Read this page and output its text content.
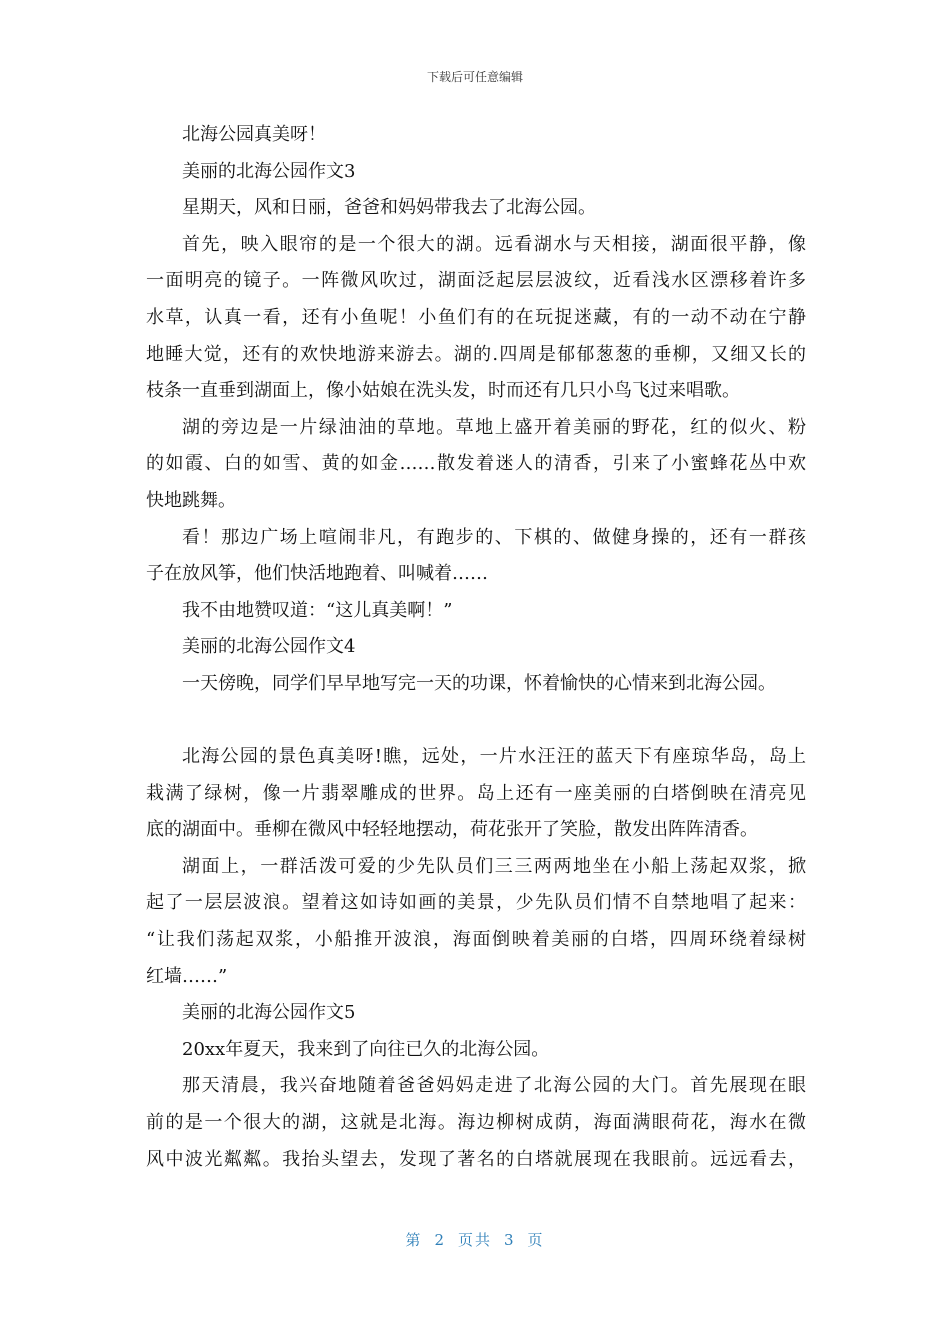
下载后可任意编辑
北海公园真美呀！
美丽的北海公园作文3
星期天，风和日丽，爸爸和妈妈带我去了北海公园。
首先，映入眼帘的是一个很大的湖。远看湖水与天相接，湖面很平静，像
一面明亮的镜子。一阵微风吹过，湖面泛起层层波纹，近看浅水区漂移着许多
水草，认真一看，还有小鱼呢！小鱼们有的在玩捉迷藏，有的一动不动在宁静
地睡大觉，还有的欢快地游来游去。湖的.四周是郁郁葱葱的垂柳，又细又长的
枝条一直垂到湖面上，像小姑娘在洗头发，时而还有几只小鸟飞过来唱歌。
湖的旁边是一片绿油油的草地。草地上盛开着美丽的野花，红的似火、粉
的如霞、白的如雪、黄的如金……散发着迷人的清香，引来了小蜜蜂花丛中欢
快地跳舞。
看！那边广场上喧闹非凡，有跑步的、下棋的、做健身操的，还有一群孩
子在放风筝，他们快活地跑着、叫喊着……
我不由地赞叹道：“这儿真美啊！”
美丽的北海公园作文4
一天傍晚，同学们早早地写完一天的功课，怀着愉快的心情来到北海公园。
北海公园的景色真美呀!瞧，远处，一片水汪汪的蓝天下有座琼华岛，岛上
栽满了绿树，像一片翡翠雕成的世界。岛上还有一座美丽的白塔倒映在清亮见
底的湖面中。垂柳在微风中轻轻地摆动，荷花张开了笑脸，散发出阵阵清香。
湖面上，一群活泼可爱的少先队员们三三两两地坐在小船上荡起双浆，掀
起了一层层波浪。望着这如诗如画的美景，少先队员们情不自禁地唱了起来：
“让我们荡起双浆，小船推开波浪，海面倒映着美丽的白塔，四周环绕着绿树
红墙……”
美丽的北海公园作文5
20xx年夏天，我来到了向往已久的北海公园。
那天清晨，我兴奋地随着爸爸妈妈走进了北海公园的大门。首先展现在眼
前的是一个很大的湖，这就是北海。海边柳树成荫，海面满眼荷花，海水在微
风中波光粼粼。我抬头望去，发现了著名的白塔就展现在我眼前。远远看去，
第 2 页共 3 页
